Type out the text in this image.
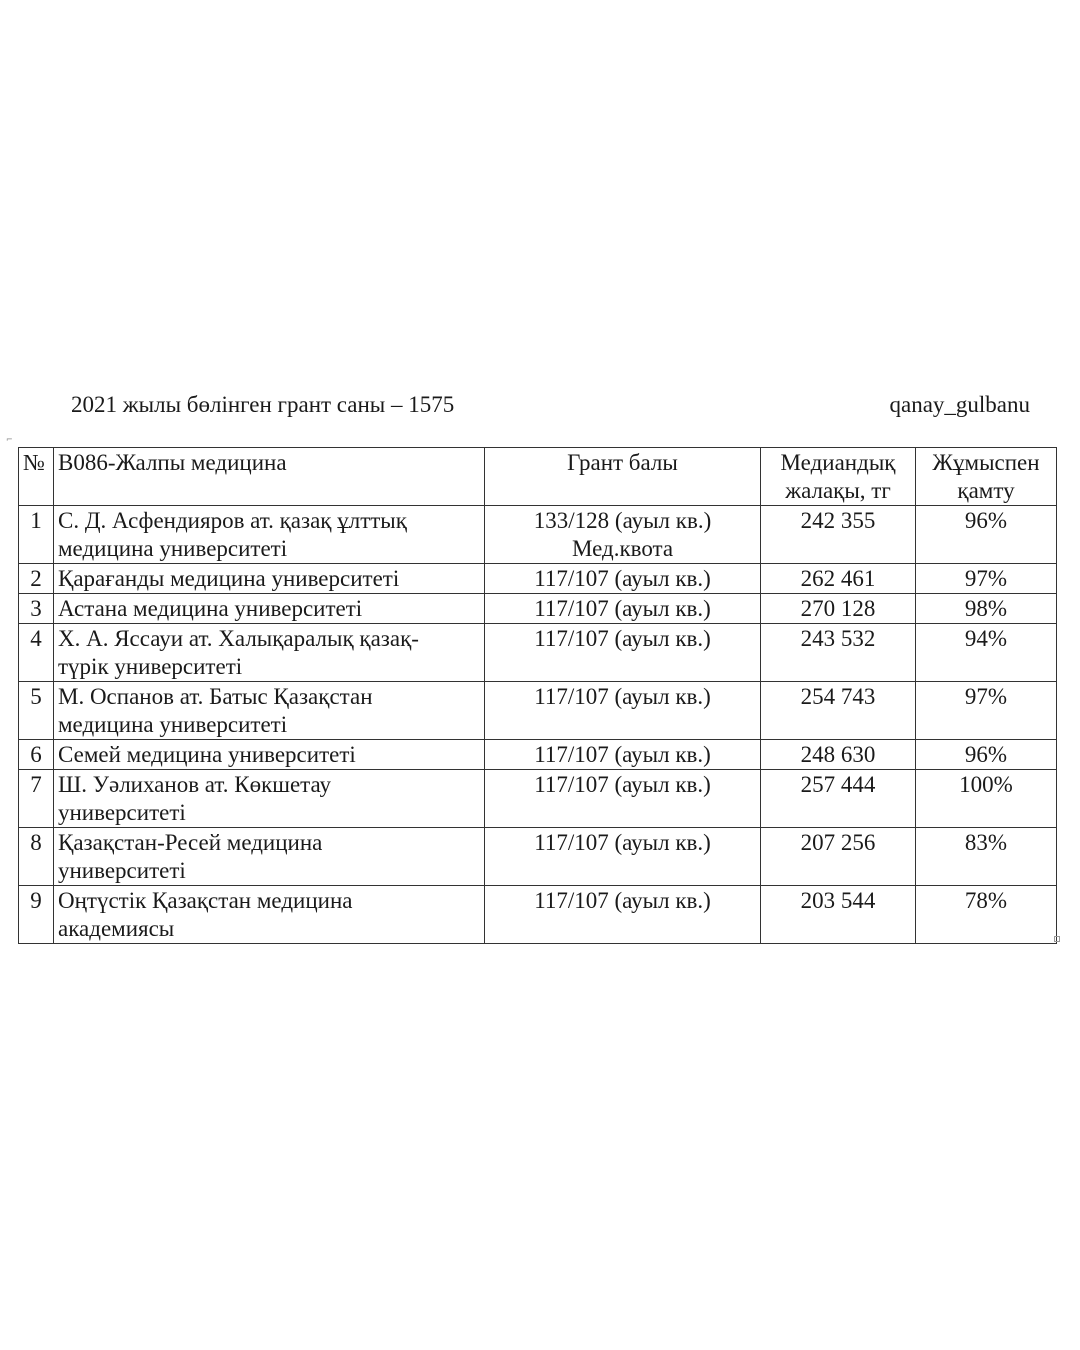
2021 жылы бөлінген грант саны – 1575	qanay_gulbanu
⌐
№	В086-Жалпы медицина	Грант балы	Медиандық
жалақы, тг	Жұмыспен
қамту

1	С. Д. Асфендияров ат. қазақ ұлттық
медицина университеті	133/128 (ауыл кв.)
Мед.квота	242 355	96%
2	Қарағанды медицина университеті	117/107 (ауыл кв.)	262 461	97%
3	Астана медицина университеті	117/107 (ауыл кв.)	270 128	98%
4	Х. А. Яссауи ат. Халықаралық қазақ-
түрік университеті	117/107 (ауыл кв.)	243 532	94%
5	М. Оспанов ат. Батыс Қазақстан
медицина университеті	117/107 (ауыл кв.)	254 743	97%
6	Семей медицина университеті	117/107 (ауыл кв.)	248 630	96%
7	Ш. Уәлиханов ат. Көкшетау
университеті	117/107 (ауыл кв.)	257 444	100%
8	Қазақстан-Ресей медицина
университеті	117/107 (ауыл кв.)	207 256	83%
9	Оңтүстік Қазақстан медицина
академиясы	117/107 (ауыл кв.)	203 544	78%
